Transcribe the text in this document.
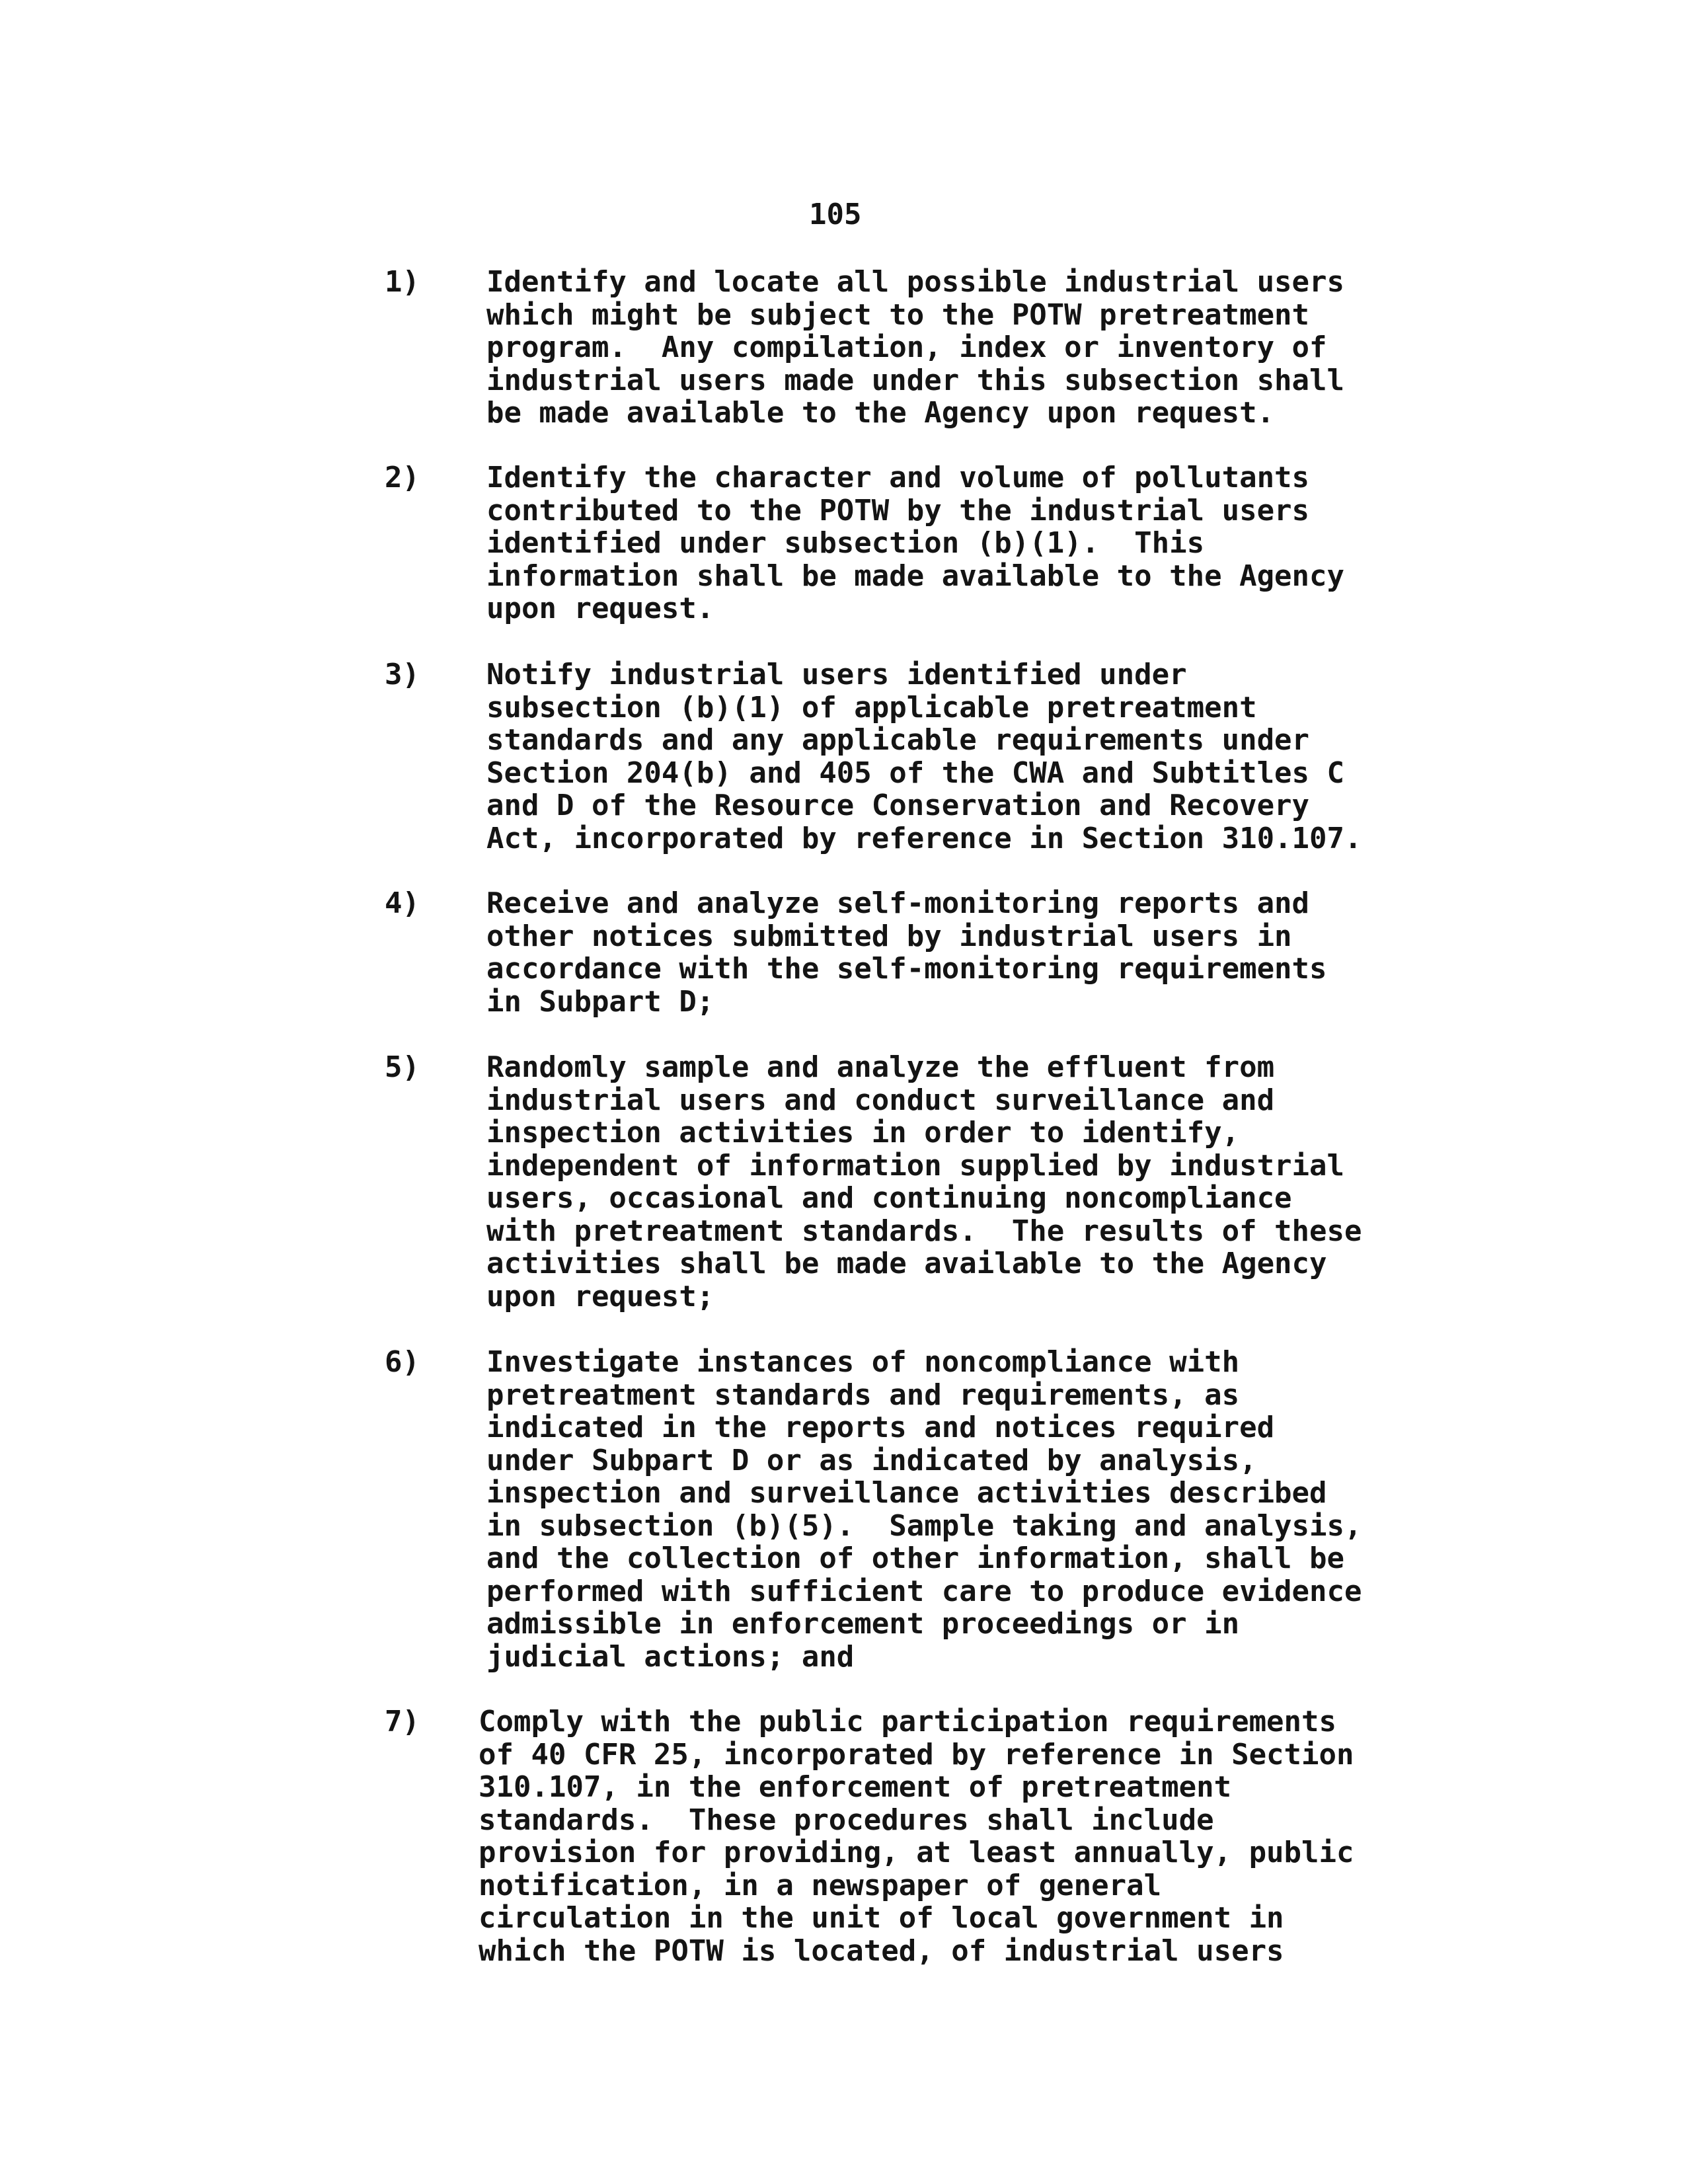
105
1) Identify and locate all possible industrial users
which might be subject to the POTW pretreatment
program.  Any compilation, index or inventory of
industrial users made under this subsection shall
be made available to the Agency upon request.
2) Identify the character and volume of pollutants
contributed to the POTW by the industrial users
identified under subsection (b)(1).  This
information shall be made available to the Agency
upon request.
3) Notify industrial users identified under
subsection (b)(1) of applicable pretreatment
standards and any applicable requirements under
Section 204(b) and 405 of the CWA and Subtitles C
and D of the Resource Conservation and Recovery
Act, incorporated by reference in Section 310.107.
4) Receive and analyze self-monitoring reports and
other notices submitted by industrial users in
accordance with the self-monitoring requirements
in Subpart D;
5) Randomly sample and analyze the effluent from
industrial users and conduct surveillance and
inspection activities in order to identify,
independent of information supplied by industrial
users, occasional and continuing noncompliance
with pretreatment standards.  The results of these
activities shall be made available to the Agency
upon request;
6) Investigate instances of noncompliance with
pretreatment standards and requirements, as
indicated in the reports and notices required
under Subpart D or as indicated by analysis,
inspection and surveillance activities described
in subsection (b)(5).  Sample taking and analysis,
and the collection of other information, shall be
performed with sufficient care to produce evidence
admissible in enforcement proceedings or in
judicial actions; and
7) Comply with the public participation requirements
of 40 CFR 25, incorporated by reference in Section
310.107, in the enforcement of pretreatment
standards.  These procedures shall include
provision for providing, at least annually, public
notification, in a newspaper of general
circulation in the unit of local government in
which the POTW is located, of industrial users
